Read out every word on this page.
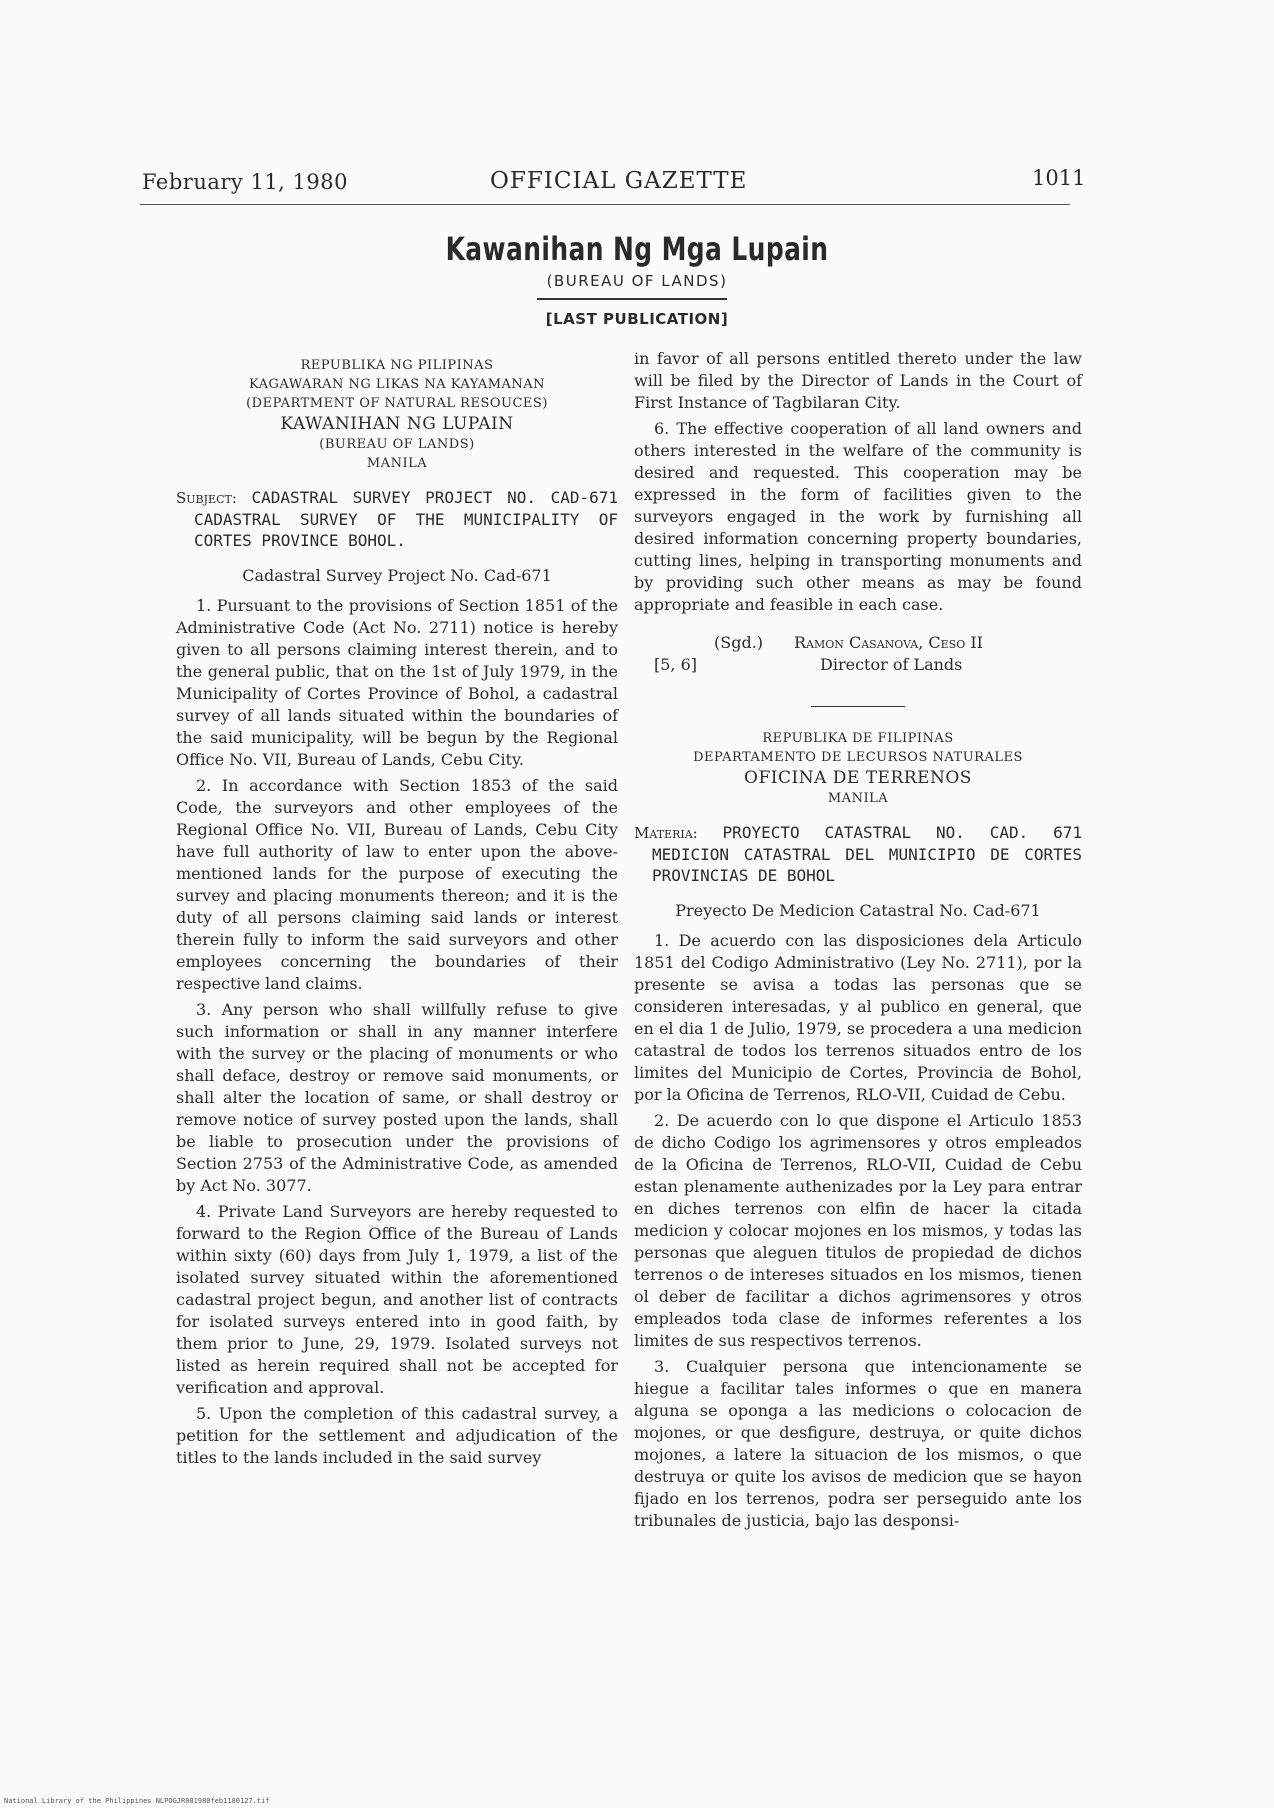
February 11, 1980	OFFICIAL GAZETTE	1011
Kawanihan Ng Mga Lupain
(BUREAU OF LANDS)
[LAST PUBLICATION]
REPUBLIKA NG PILIPINAS
KAGAWARAN NG LIKAS NA KAYAMANAN
(DEPARTMENT OF NATURAL RESOUCES)
KAWANIHAN NG LUPAIN
(BUREAU OF LANDS)
MANILA
Subject: CADASTRAL SURVEY PROJECT NO. CAD-671 CADASTRAL SURVEY OF THE MUNICIPALITY OF CORTES PROVINCE BOHOL.
Cadastral Survey Project No. Cad-671

1. Pursuant to the provisions of Section 1851 of the Administrative Code (Act No. 2711) notice is hereby given to all persons claiming interest therein, and to the general public, that on the 1st of July 1979, in the Municipality of Cortes Province of Bohol, a cadastral survey of all lands situated within the boundaries of the said municipality, will be begun by the Regional Office No. VII, Bureau of Lands, Cebu City.

2. In accordance with Section 1853 of the said Code, the surveyors and other employees of the Regional Office No. VII, Bureau of Lands, Cebu City have full authority of law to enter upon the above-mentioned lands for the purpose of executing the survey and placing monuments thereon; and it is the duty of all persons claiming said lands or interest therein fully to inform the said surveyors and other employees concerning the boundaries of their respective land claims.

3. Any person who shall willfully refuse to give such information or shall in any manner interfere with the survey or the placing of monuments or who shall deface, destroy or remove said monuments, or shall alter the location of same, or shall destroy or remove notice of survey posted upon the lands, shall be liable to prosecution under the provisions of Section 2753 of the Administrative Code, as amended by Act No. 3077.

4. Private Land Surveyors are hereby requested to forward to the Region Office of the Bureau of Lands within sixty (60) days from July 1, 1979, a list of the isolated survey situated within the aforementioned cadastral project begun, and another list of contracts for isolated surveys entered into in good faith, by them prior to June, 29, 1979. Isolated surveys not listed as herein required shall not be accepted for verification and approval.

5. Upon the completion of this cadastral survey, a petition for the settlement and adjudication of the titles to the lands included in the said survey

in favor of all persons entitled thereto under the law will be filed by the Director of Lands in the Court of First Instance of Tagbilaran City.

6. The effective cooperation of all land owners and others interested in the welfare of the community is desired and requested. This cooperation may be expressed in the form of facilities given to the surveyors engaged in the work by furnishing all desired information concerning property boundaries, cutting lines, helping in transporting monuments and by providing such other means as may be found appropriate and feasible in each case.

(Sgd.) Ramon Casanova, Ceso II
[5, 6]	Director of Lands
REPUBLIKA DE FILIPINAS
DEPARTAMENTO DE LECURSOS NATURALES
OFICINA DE TERRENOS
MANILA
Materia: PROYECTO CATASTRAL NO. CAD. 671 MEDICION CATASTRAL DEL MUNICIPIO DE CORTES PROVINCIAS DE BOHOL
Preyecto De Medicion Catastral No. Cad-671

1. De acuerdo con las disposiciones dela Articulo 1851 del Codigo Administrativo (Ley No. 2711), por la presente se avisa a todas las personas que se consideren interesadas, y al publico en general, que en el dia 1 de Julio, 1979, se procedera a una medicion catastral de todos los terrenos situados entro de los limites del Municipio de Cortes, Provincia de Bohol, por la Oficina de Terrenos, RLO-VII, Cuidad de Cebu.

2. De acuerdo con lo que dispone el Articulo 1853 de dicho Codigo los agrimensores y otros empleados de la Oficina de Terrenos, RLO-VII, Cuidad de Cebu estan plenamente authenizades por la Ley para entrar en diches terrenos con elfin de hacer la citada medicion y colocar mojones en los mismos, y todas las personas que aleguen titulos de propiedad de dichos terrenos o de intereses situados en los mismos, tienen ol deber de facilitar a dichos agrimensores y otros empleados toda clase de informes referentes a los limites de sus respectivos terrenos.

3. Cualquier persona que intencionamente se hiegue a facilitar tales informes o que en manera alguna se oponga a las medicions o colocacion de mojones, or que desfigure, destruya, or quite dichos mojones, a latere la situacion de los mismos, o que destruya or quite los avisos de medicion que se hayon fijado en los terrenos, podra ser perseguido ante los tribunales de justicia, bajo las desponsi-

National Library of the Philippines NLPOGJR001980feb1180127.tif
